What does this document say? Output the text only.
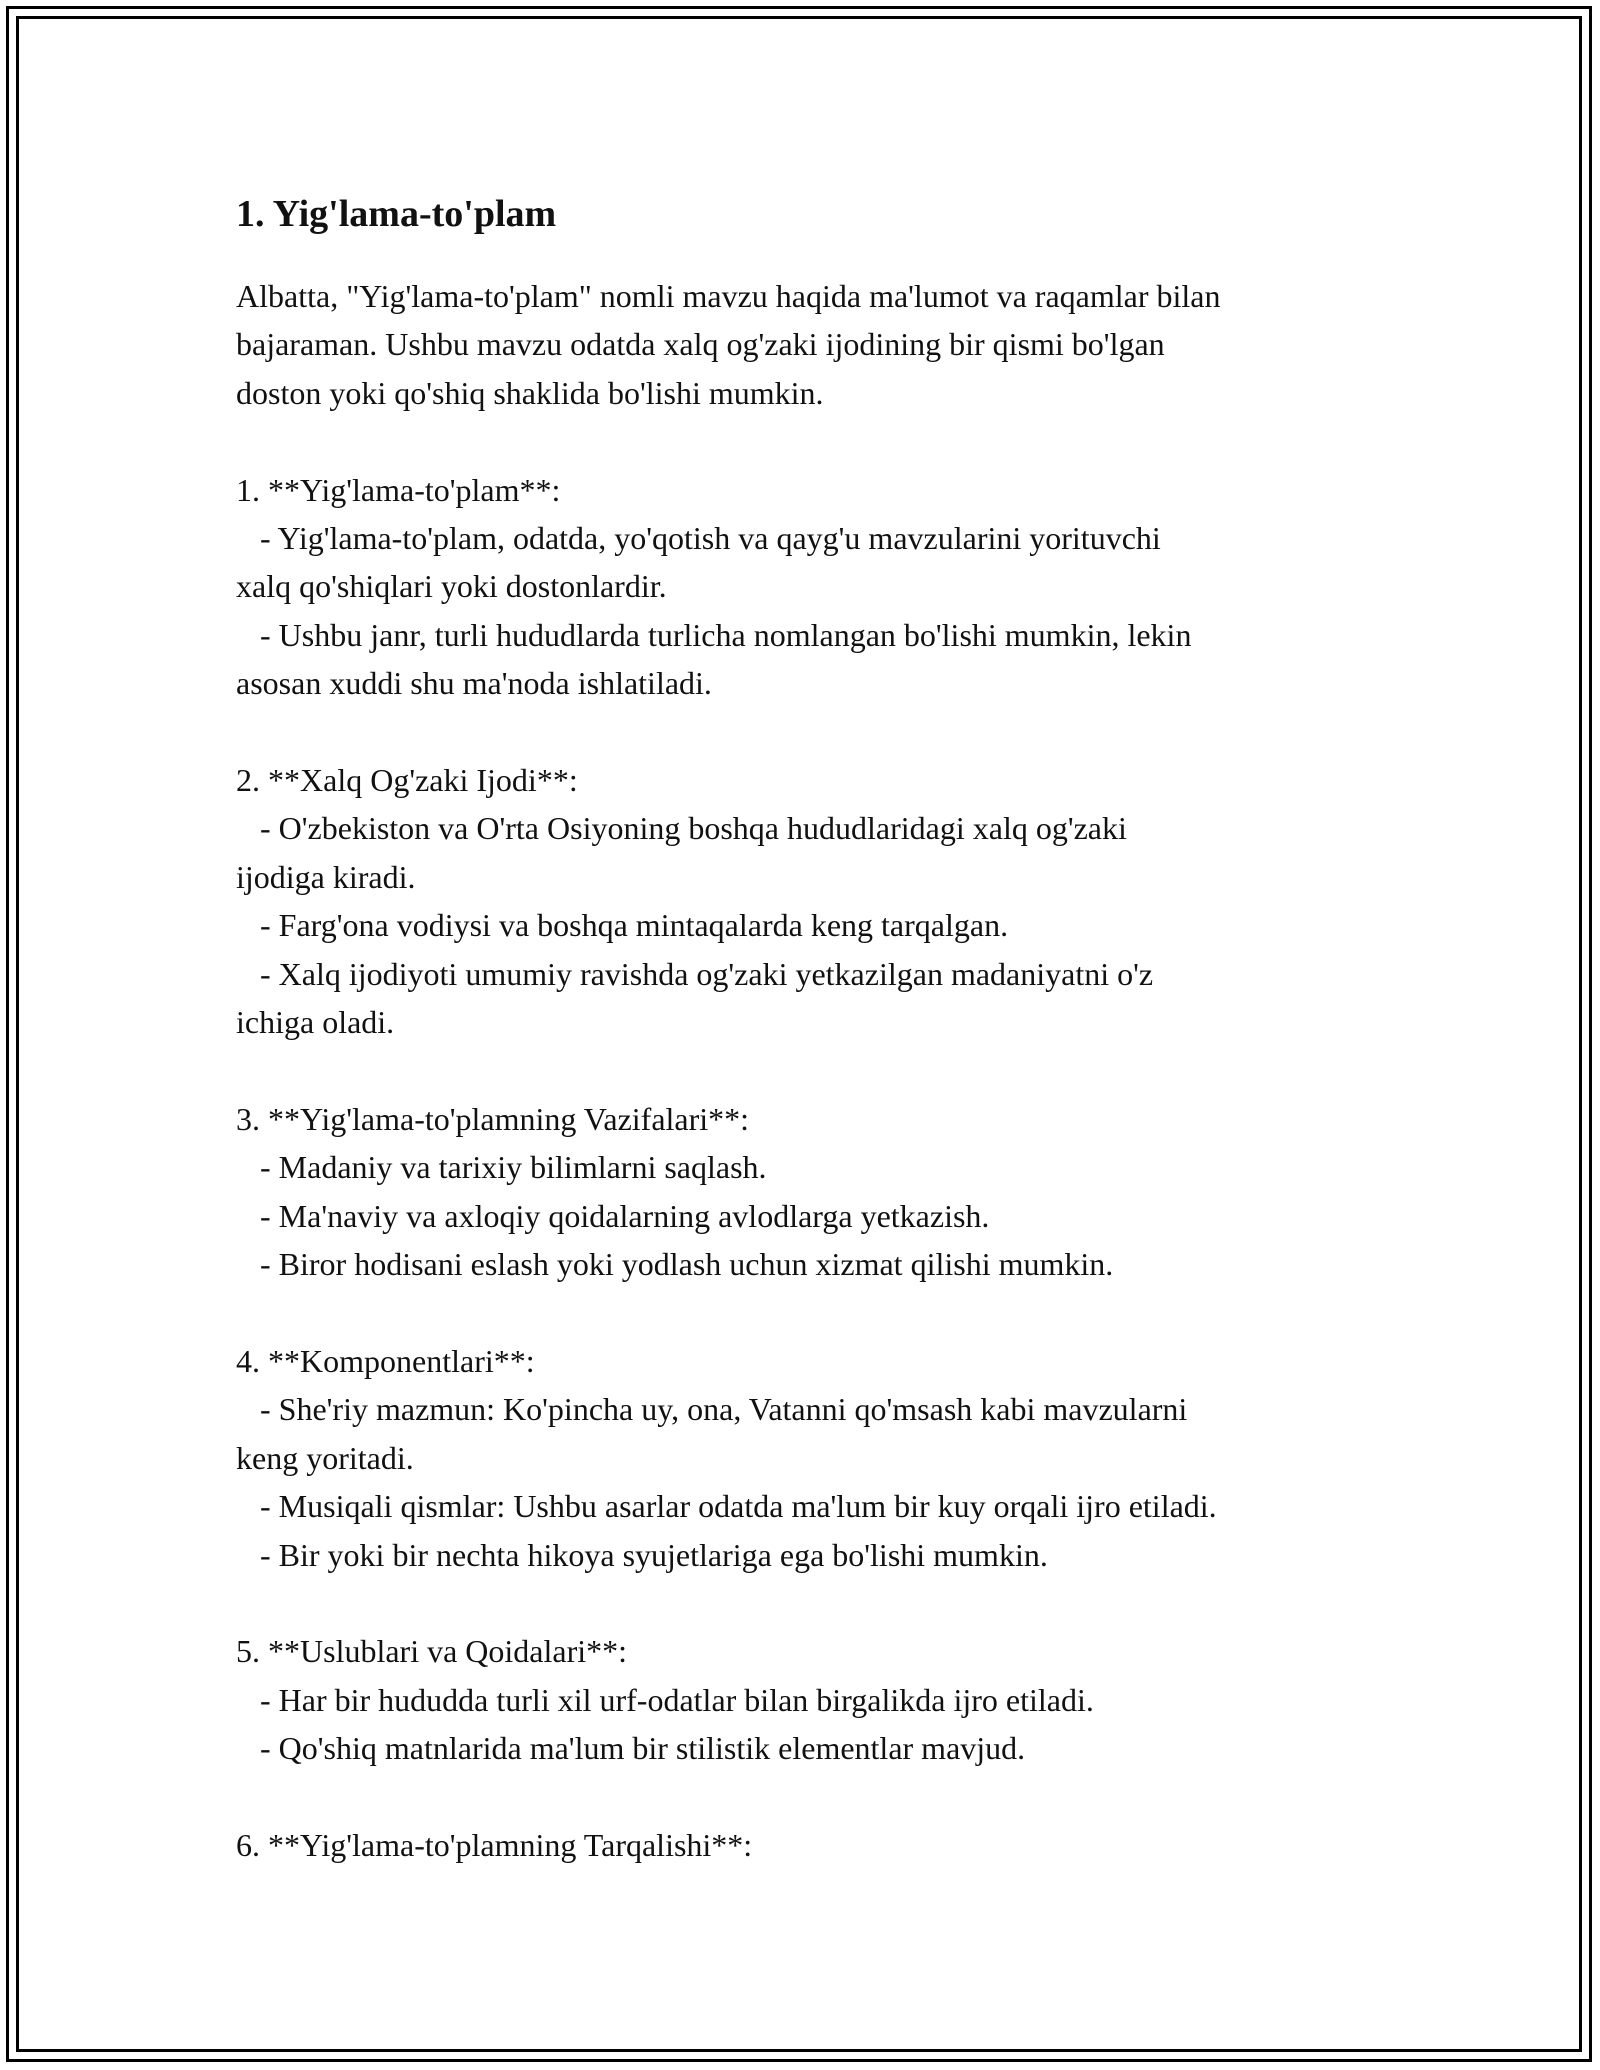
1. Yig'lama-to'plam

Albatta, "Yig'lama-to'plam" nomli mavzu haqida ma'lumot va raqamlar bilan
bajaraman. Ushbu mavzu odatda xalq og'zaki ijodining bir qismi bo'lgan
doston yoki qo'shiq shaklida bo'lishi mumkin.

1. **Yig'lama-to'plam**:
- Yig'lama-to'plam, odatda, yo'qotish va qayg'u mavzularini yorituvchi
xalq qo'shiqlari yoki dostonlardir.
- Ushbu janr, turli hududlarda turlicha nomlangan bo'lishi mumkin, lekin
asosan xuddi shu ma'noda ishlatiladi.

2. **Xalq Og'zaki Ijodi**:
- O'zbekiston va O'rta Osiyoning boshqa hududlaridagi xalq og'zaki
ijodiga kiradi.
- Farg'ona vodiysi va boshqa mintaqalarda keng tarqalgan.
- Xalq ijodiyoti umumiy ravishda og'zaki yetkazilgan madaniyatni o'z
ichiga oladi.

3. **Yig'lama-to'plamning Vazifalari**:
- Madaniy va tarixiy bilimlarni saqlash.
- Ma'naviy va axloqiy qoidalarning avlodlarga yetkazish.
- Biror hodisani eslash yoki yodlash uchun xizmat qilishi mumkin.

4. **Komponentlari**:
- She'riy mazmun: Ko'pincha uy, ona, Vatanni qo'msash kabi mavzularni
keng yoritadi.
- Musiqali qismlar: Ushbu asarlar odatda ma'lum bir kuy orqali ijro etiladi.
- Bir yoki bir nechta hikoya syujetlariga ega bo'lishi mumkin.

5. **Uslublari va Qoidalari**:
- Har bir hududda turli xil urf-odatlar bilan birgalikda ijro etiladi.
- Qo'shiq matnlarida ma'lum bir stilistik elementlar mavjud.

6. **Yig'lama-to'plamning Tarqalishi**:
